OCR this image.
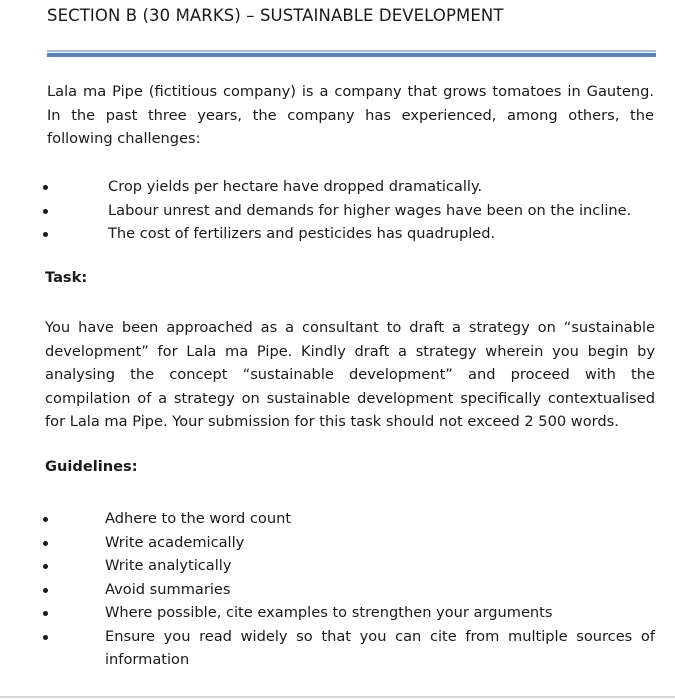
SECTION B (30 MARKS) – SUSTAINABLE DEVELOPMENT

Lala ma Pipe (fictitious company) is a company that grows tomatoes in Gauteng. In the past three years, the company has experienced, among others, the following challenges:

Crop yields per hectare have dropped dramatically.
Labour unrest and demands for higher wages have been on the incline.
The cost of fertilizers and pesticides has quadrupled.
Task:

You have been approached as a consultant to draft a strategy on “sustainable development” for Lala ma Pipe. Kindly draft a strategy wherein you begin by analysing the concept “sustainable development” and proceed with the compilation of a strategy on sustainable development specifically contextualised for Lala ma Pipe. Your submission for this task should not exceed 2 500 words.

Guidelines:
Adhere to the word count
Write academically
Write analytically
Avoid summaries
Where possible, cite examples to strengthen your arguments
Ensure you read widely so that you can cite from multiple sources of information
